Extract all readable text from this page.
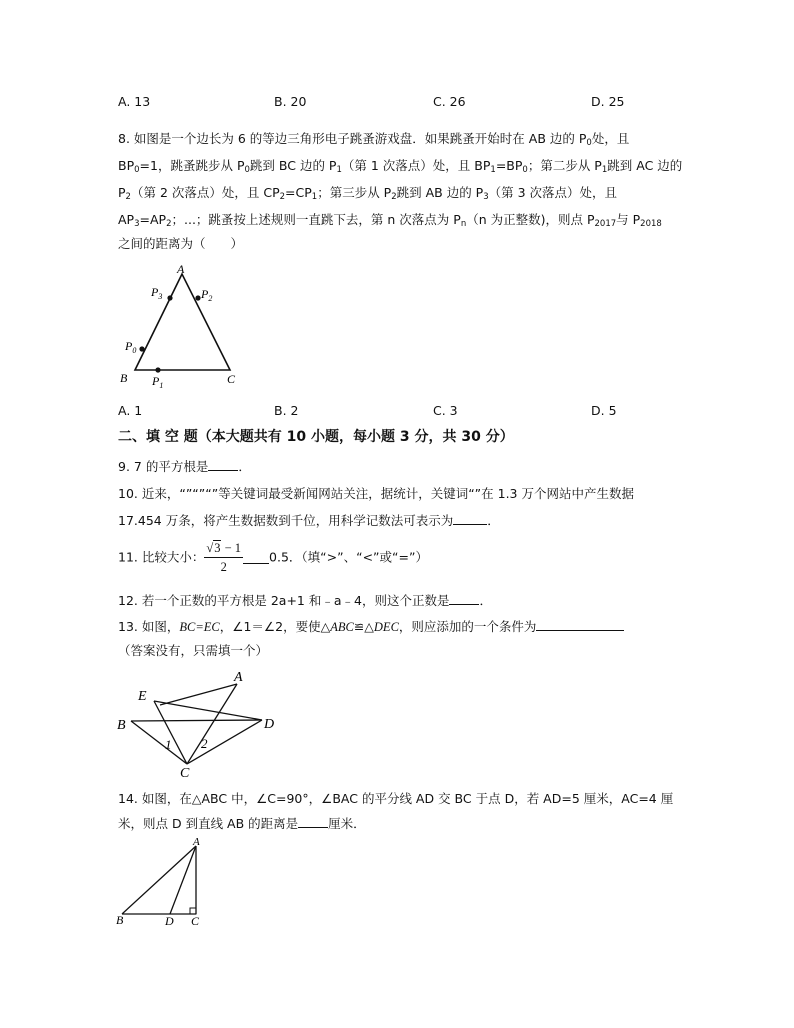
A. 13	B. 20	C. 26	D. 25
8. 如图是一个边长为 6 的等边三角形电子跳蚤游戏盘．如果跳蚤开始时在 AB 边的 $P_0$处，且
$BP_0=1$，跳蚤跳步从 $P_0$跳到 BC 边的 $P_1$（第 1 次落点）处，且 $BP_1=BP_0$；第二步从 $P_1$跳到 AC 边的
$P_2$（第 2 次落点）处，且 $CP_2=CP_1$；第三步从 $P_2$跳到 AB 边的 $P_3$（第 3 次落点）处，且
$AP_3=AP_2$；...；跳蚤按上述规则一直跳下去，第 n 次落点为 $P_n(n$ 为正整数)，则点 $P_{2017}$与 $P_{2018}$
之间的距离为（　　）
A
B	C
$P_3$	$P_2$
$P_0$
$P_1$
A. 1	B. 2	C. 3	D. 5
二、填 空 题（本大题共有 10 小题，每小题 3 分，共 30 分）
9. 7 的平方根是 ．
10. 近来，“”“”“”等关键词最受新闻网站关注，据统计，关键词“”在 1.3 万个网站中产生数据
17.454 万条，将产生数据数到千位，用科学记数法可表示为	．
11. 比较大小： $\frac{√3 - 1}{2} 0.5$．（填“>”、“<”或“=”）
12. 若一个正数的平方根是 2a+1 和﹣a﹣4，则这个正数是 ．
13. 如图，BC=EC，∠1＝∠2，要使△ABC≌△DEC，则应添加的一个条件为
（答案没有，只需填一个）
E
A
B	D
C
1 2
14. 如图，在△ABC 中，∠C=90°，∠BAC 的平分线 AD 交 BC 于点 D，若 AD=5 厘米，AC=4 厘
米，则点 D 到直线 AB 的距离是 厘米．
A
B	D C
